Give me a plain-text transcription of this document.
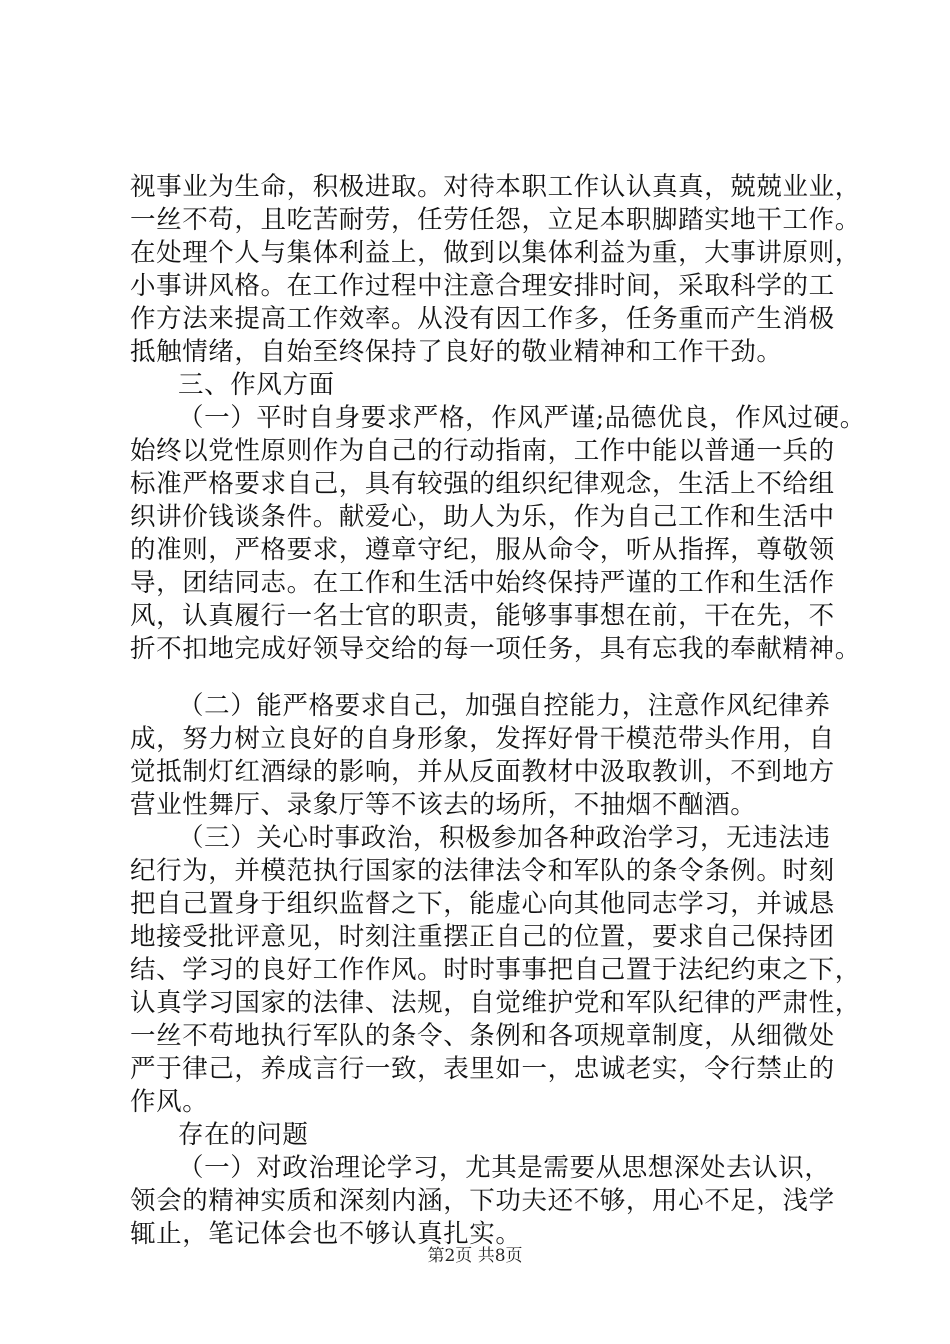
视事业为生命，积极进取。对待本职工作认认真真，兢兢业业，
一丝不苟，且吃苦耐劳，任劳任怨，立足本职脚踏实地干工作。
在处理个人与集体利益上，做到以集体利益为重，大事讲原则，
小事讲风格。在工作过程中注意合理安排时间，采取科学的工
作方法来提高工作效率。从没有因工作多，任务重而产生消极
抵触情绪，自始至终保持了良好的敬业精神和工作干劲。
三、作风方面
（一）平时自身要求严格，作风严谨;品德优良，作风过硬。
始终以党性原则作为自己的行动指南，工作中能以普通一兵的
标准严格要求自己，具有较强的组织纪律观念，生活上不给组
织讲价钱谈条件。献爱心，助人为乐，作为自己工作和生活中
的准则，严格要求，遵章守纪，服从命令，听从指挥，尊敬领
导，团结同志。在工作和生活中始终保持严谨的工作和生活作
风，认真履行一名士官的职责，能够事事想在前，干在先，不
折不扣地完成好领导交给的每一项任务，具有忘我的奉献精神。
（二）能严格要求自己，加强自控能力，注意作风纪律养
成，努力树立良好的自身形象，发挥好骨干模范带头作用，自
觉抵制灯红酒绿的影响，并从反面教材中汲取教训，不到地方
营业性舞厅、录象厅等不该去的场所，不抽烟不酗酒。
（三）关心时事政治，积极参加各种政治学习，无违法违
纪行为，并模范执行国家的法律法令和军队的条令条例。时刻
把自己置身于组织监督之下，能虚心向其他同志学习，并诚恳
地接受批评意见，时刻注重摆正自己的位置，要求自己保持团
结、学习的良好工作作风。时时事事把自己置于法纪约束之下，
认真学习国家的法律、法规，自觉维护党和军队纪律的严肃性，
一丝不苟地执行军队的条令、条例和各项规章制度，从细微处
严于律己，养成言行一致，表里如一，忠诚老实，令行禁止的
作风。
存在的问题
（一）对政治理论学习，尤其是需要从思想深处去认识，
领会的精神实质和深刻内涵，下功夫还不够，用心不足，浅学
辄止，笔记体会也不够认真扎实。
第2页 共8页
